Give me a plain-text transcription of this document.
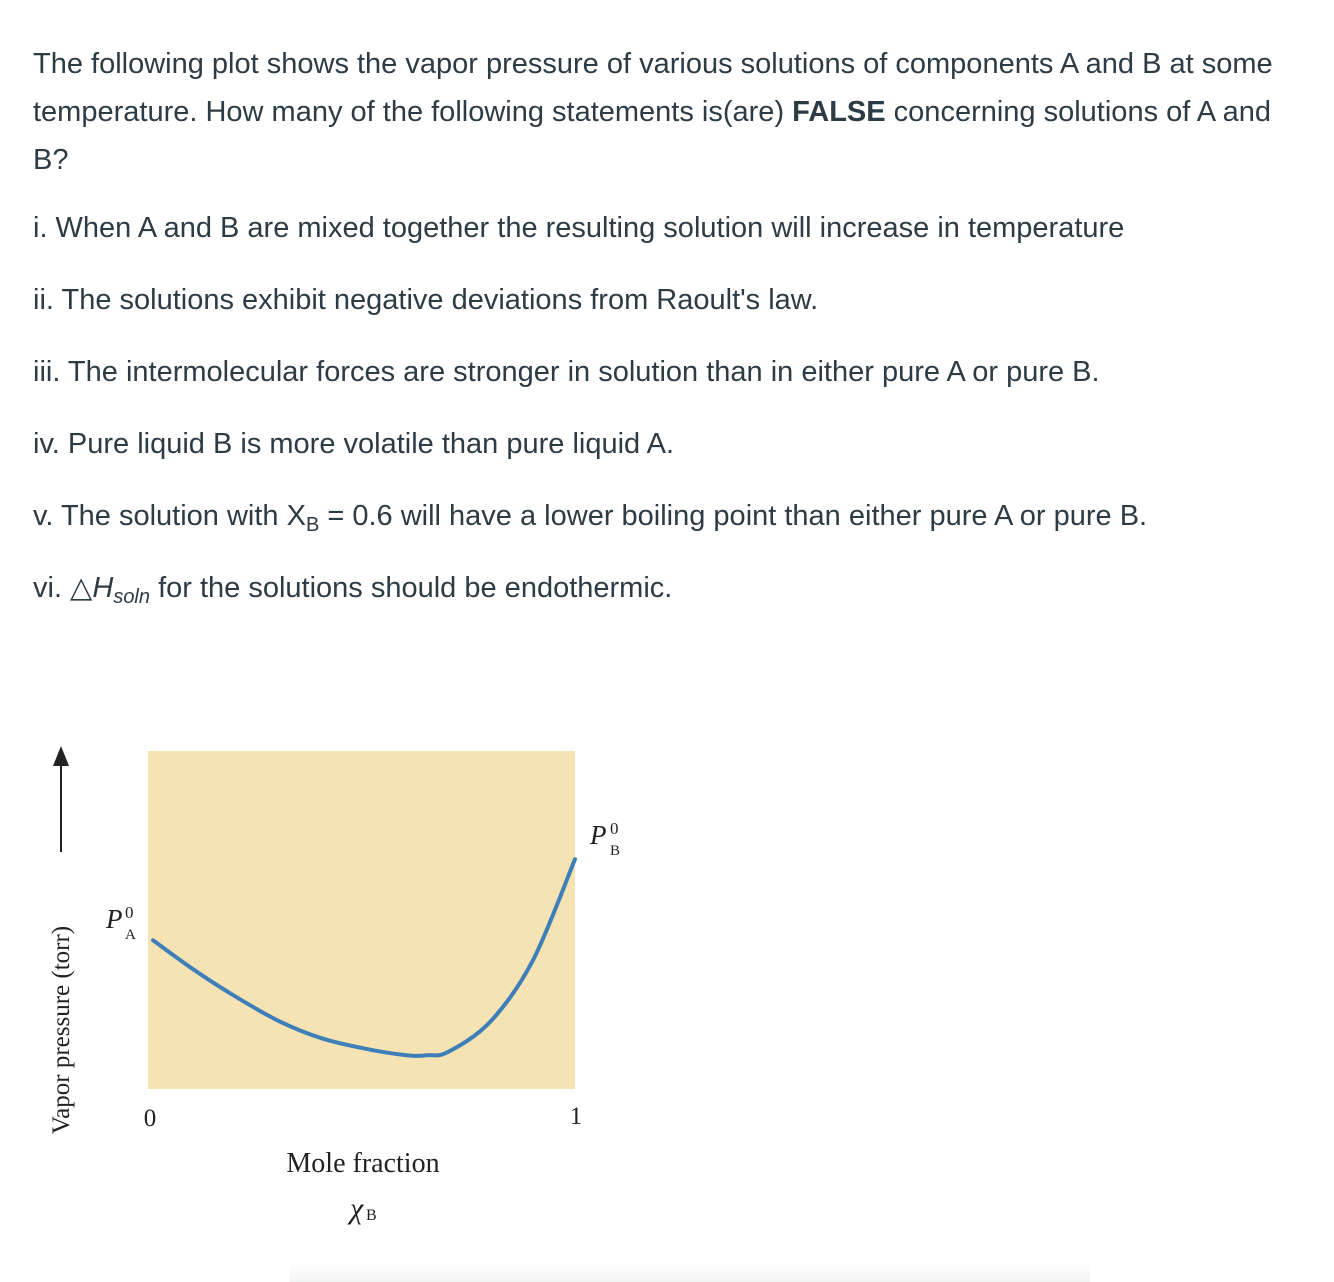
The following plot shows the vapor pressure of various solutions of components A and B at some temperature. How many of the following statements is(are) FALSE concerning solutions of A and B?

i. When A and B are mixed together the resulting solution will increase in temperature

ii. The solutions exhibit negative deviations from Raoult's law.

iii. The intermolecular forces are stronger in solution than in either pure A or pure B.

iv. Pure liquid B is more volatile than pure liquid A.

v. The solution with $X_B = 0.6$ will have a lower boiling point than either pure A or pure B.

vi. $\triangle H_{soln}$ for the solutions should be endothermic.

Vapor pressure (torr)
P 0
A
P 0
B
0	1
Mole fraction
χ B
